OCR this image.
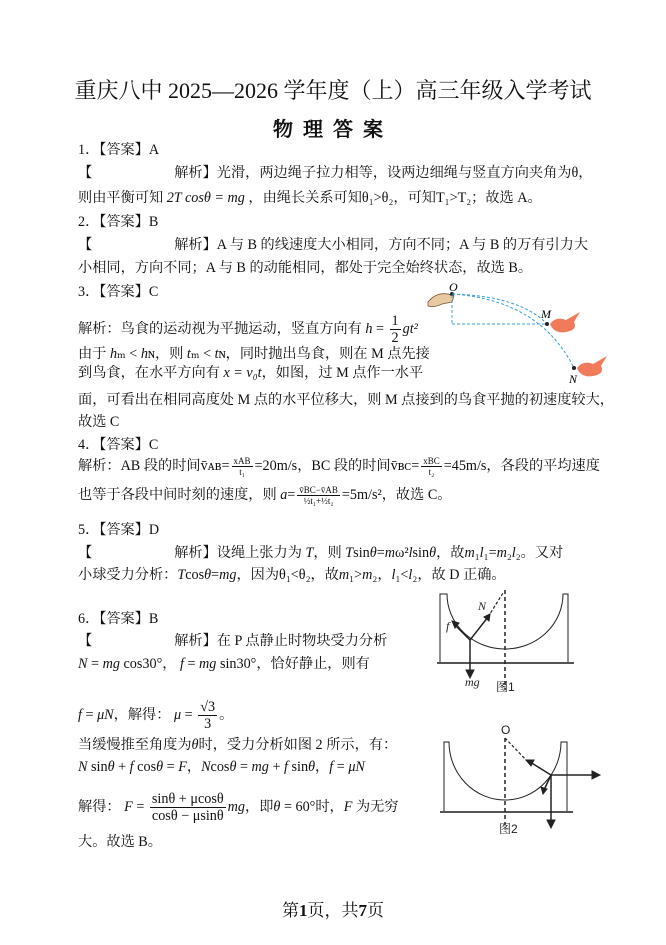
重庆八中 2025—2026 学年度（上）高三年级入学考试
物理答案
1．【答案】A
【	解析】光滑，两边绳子拉力相等，设两边细绳与竖直方向夹角为θ，
则由平衡可知 2T cosθ = mg ，由绳长关系可知θ₁>θ₂，可知T₁>T₂；故选 A。
2．【答案】B
【	解析】A 与 B 的线速度大小相同，方向不同；A 与 B 的万有引力大
小相同，方向不同；A 与 B 的动能相同，都处于完全始终状态，故选 B。
3．【答案】C
解析：鸟食的运动视为平抛运动，竖直方向有 $h = \frac{1}{2} gt^2$
由于 hₘ < hɴ，则 tₘ < tɴ，同时抛出鸟食，则在 M 点先接
到鸟食，在水平方向有 x = v₀t，如图，过 M 点作一水平
面，可看出在相同高度处 M 点的水平位移大，则 M 点接到的鸟食平抛的初速度较大，
故选 C
4．【答案】C
解析：AB 段的时间v̄ᴀʙ= $\frac{\text{xAB}}{\text{t₁}} =20m/s$，BC 段的时间v̄ʙᴄ= $\frac{\text{xBC}}{\text{t₂}} =45m/s$，各段的平均速度
也等于各段中间时刻的速度，则 $a= \frac{v̄BC-v̄AB}{\text{½t₁+½t₂}} =5m/s^2$，故选 C。
5．【答案】D
【	解析】设绳上张力为 T，则 Tsinθ=mω²lsinθ，故m₁l₁=m₂l₂。又对
小球受力分析：Tcosθ=mg，因为θ₁<θ₂，故m₁>m₂，l₁<l₂，故 D 正确。
6．【答案】B
【	解析】在 P 点静止时物块受力分析
N = mg cos30°， f = mg sin30°，恰好静止，则有
f = μN，解得： $\mu = \frac{√3}{3}$ 。
当缓慢推至角度为θ时，受力分析如图 2 所示，有：
N sinθ + f cosθ = F，Ncosθ = mg + f sinθ，f = μN
解得： $F = \frac{\sin\theta + \mu\cos\theta}{\cos\theta - \mu\sin\theta}$ mg，即θ = 60°时，F 为无穷
大。故选 B。
O
M
N
N
f
mg 图1
O
图2
第1页，共7页
